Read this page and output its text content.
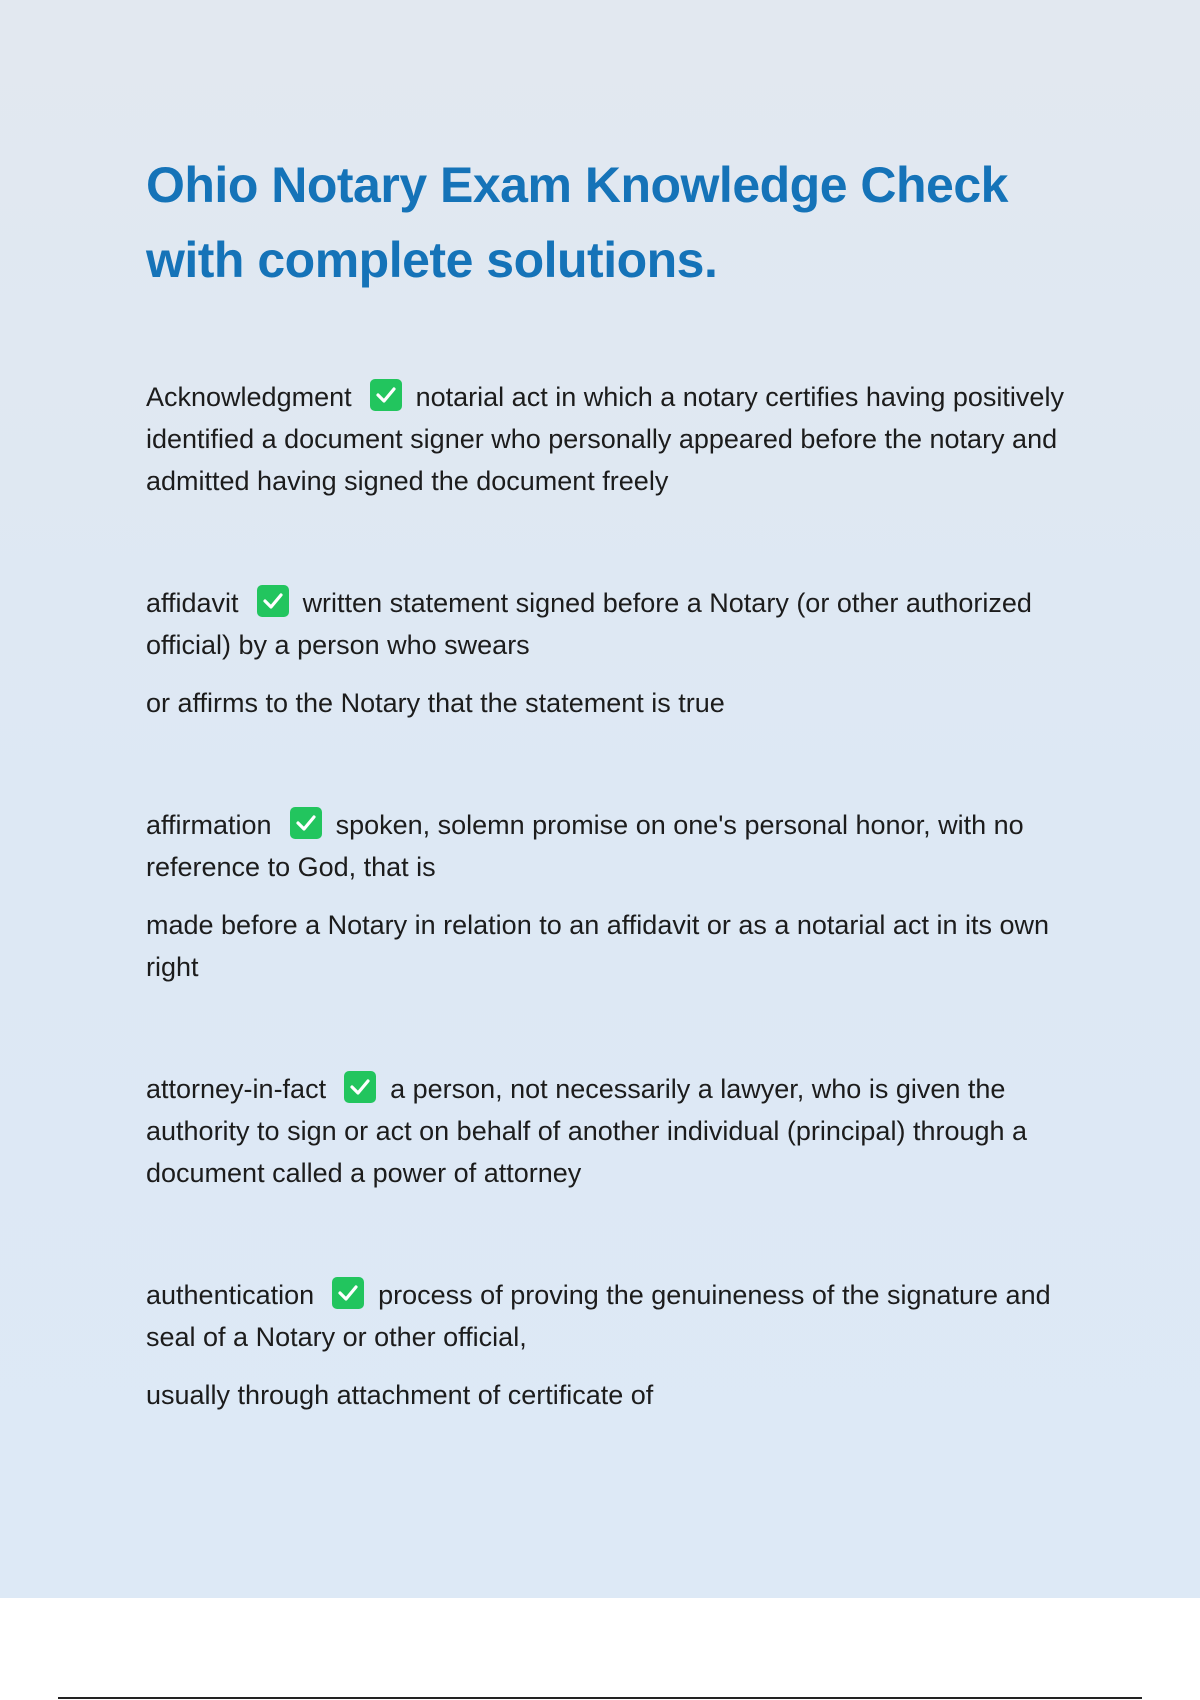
Ohio Notary Exam Knowledge Check with complete solutions.

Acknowledgment notarial act in which a notary certifies having positively identified a document signer who personally appeared before the notary and admitted having signed the document freely

affidavit written statement signed before a Notary (or other authorized official) by a person who swears

or affirms to the Notary that the statement is true

affirmation spoken, solemn promise on one's personal honor, with no reference to God, that is

made before a Notary in relation to an affidavit or as a notarial act in its own right

attorney-in-fact a person, not necessarily a lawyer, who is given the authority to sign or act on behalf of another individual (principal) through a document called a power of attorney

authentication process of proving the genuineness of the signature and seal of a Notary or other official,

usually through attachment of certificate of
